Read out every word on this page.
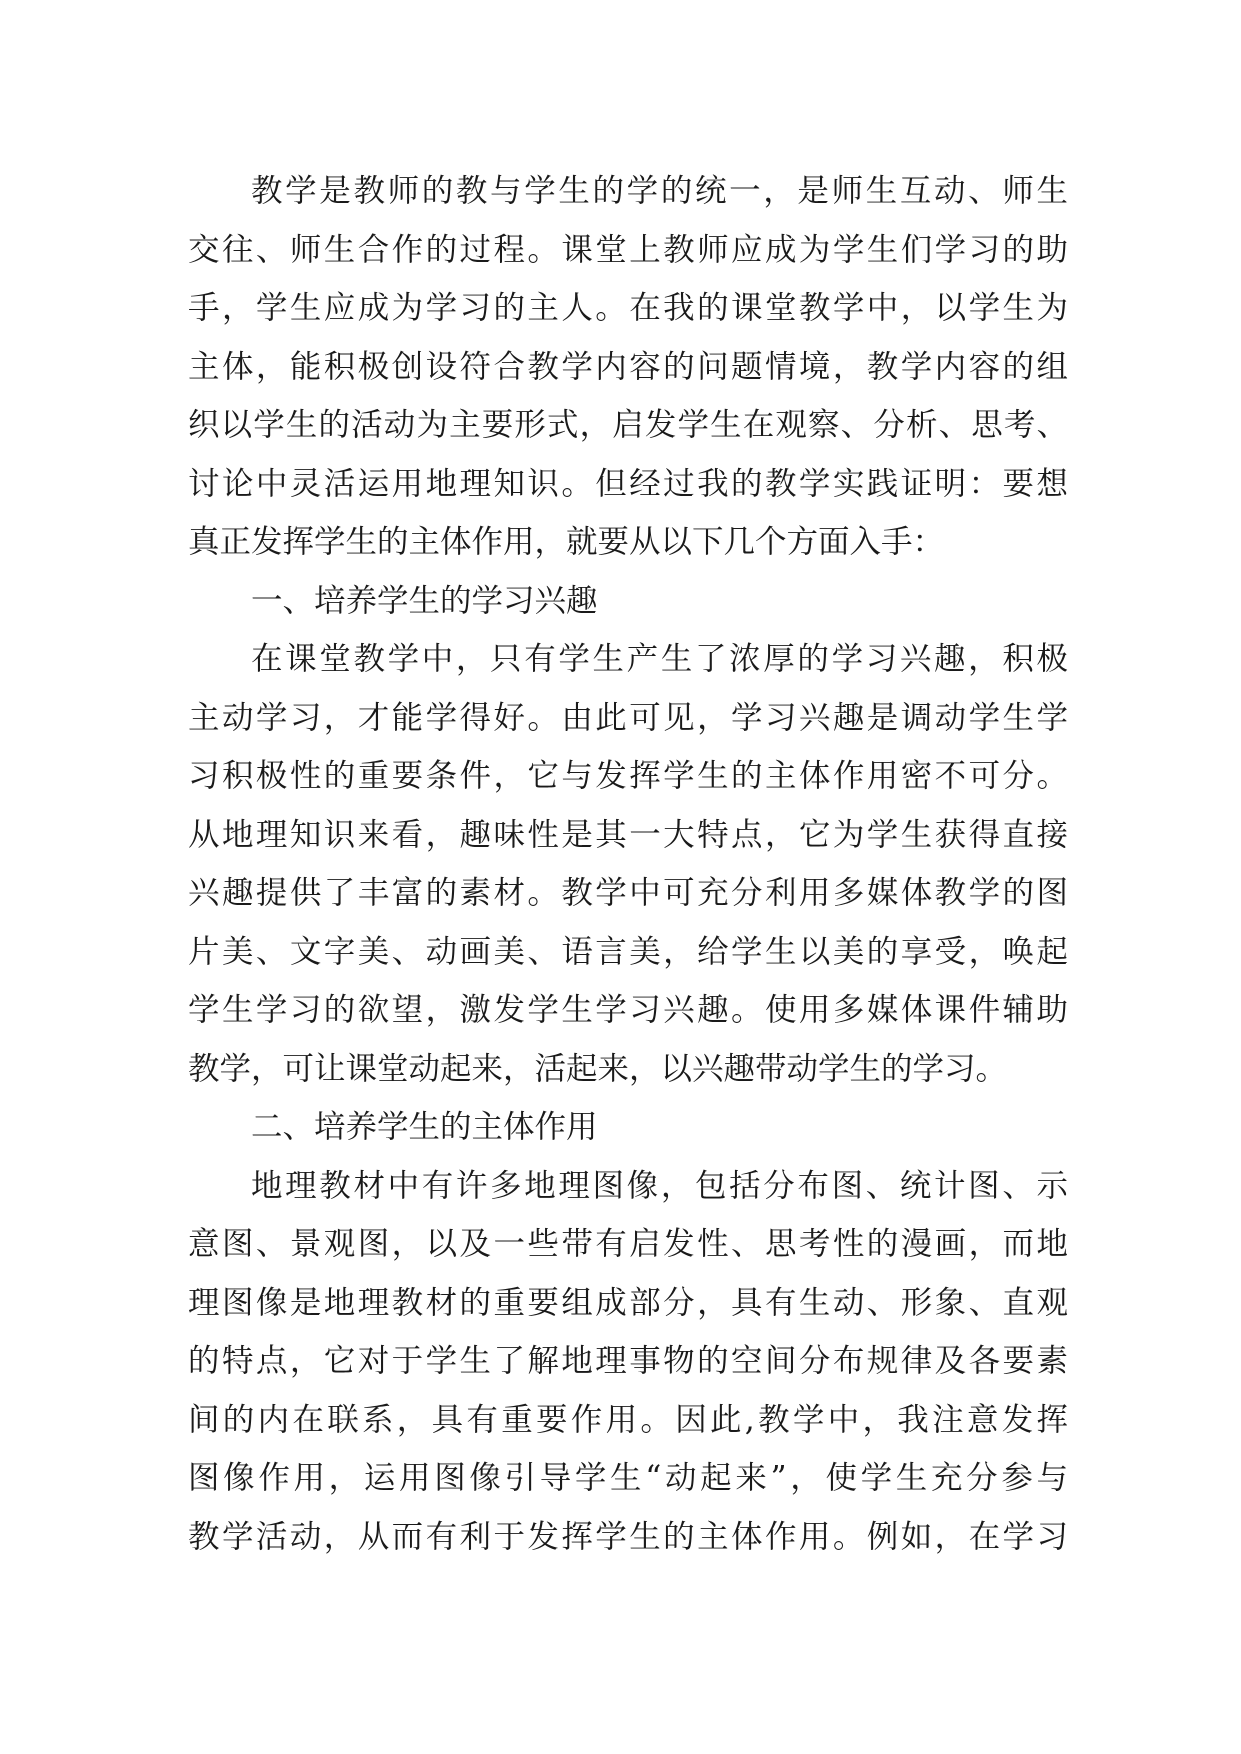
教学是教师的教与学生的学的统一，是师生互动、师生
交往、师生合作的过程。课堂上教师应成为学生们学习的助
手，学生应成为学习的主人。在我的课堂教学中，以学生为
主体，能积极创设符合教学内容的问题情境，教学内容的组
织以学生的活动为主要形式，启发学生在观察、分析、思考、
讨论中灵活运用地理知识。但经过我的教学实践证明：要想
真正发挥学生的主体作用，就要从以下几个方面入手：
一、培养学生的学习兴趣
在课堂教学中，只有学生产生了浓厚的学习兴趣，积极
主动学习，才能学得好。由此可见，学习兴趣是调动学生学
习积极性的重要条件，它与发挥学生的主体作用密不可分。
从地理知识来看，趣味性是其一大特点，它为学生获得直接
兴趣提供了丰富的素材。教学中可充分利用多媒体教学的图
片美、文字美、动画美、语言美，给学生以美的享受，唤起
学生学习的欲望，激发学生学习兴趣。使用多媒体课件辅助
教学，可让课堂动起来，活起来，以兴趣带动学生的学习。
二、培养学生的主体作用
地理教材中有许多地理图像，包括分布图、统计图、示
意图、景观图，以及一些带有启发性、思考性的漫画，而地
理图像是地理教材的重要组成部分，具有生动、形象、直观
的特点，它对于学生了解地理事物的空间分布规律及各要素
间的内在联系，具有重要作用。因此,教学中，我注意发挥
图像作用，运用图像引导学生“动起来”，使学生充分参与
教学活动，从而有利于发挥学生的主体作用。例如，在学习
